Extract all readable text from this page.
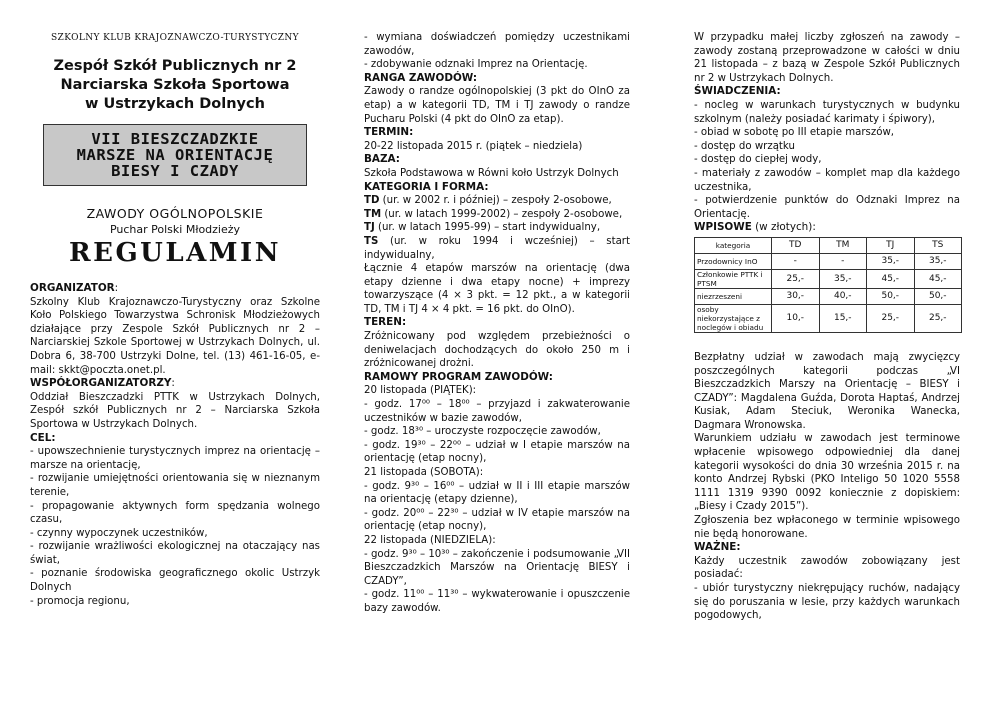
SZKOLNY KLUB KRAJOZNAWCZO-TURYSTYCZNY
Zespół Szkół Publicznych nr 2
Narciarska Szkoła Sportowa
w Ustrzykach Dolnych
VII BIESZCZADZKIE
MARSZE NA ORIENTACJĘ
BIESY I CZADY
ZAWODY OGÓLNOPOLSKIE
Puchar Polski Młodzieży
REGULAMIN

ORGANIZATOR:

Szkolny Klub Krajoznawczo-Turystyczny oraz Szkolne Koło Polskiego Towarzystwa Schronisk Młodzieżowych działające przy Zespole Szkół Publicznych nr 2 – Narciarskiej Szkole Sportowej w Ustrzykach Dolnych, ul. Dobra 6, 38-700 Ustrzyki Dolne, tel. (13) 461-16-05, e-mail: skkt@poczta.onet.pl.

WSPÓŁORGANIZATORZY:

Oddział Bieszczadzki PTTK w Ustrzykach Dolnych, Zespół szkół Publicznych nr 2 – Narciarska Szkoła Sportowa w Ustrzykach Dolnych.

CEL:

- upowszechnienie turystycznych imprez na orientację – marsze na orientację,

- rozwijanie umiejętności orientowania się w nieznanym terenie,

- propagowanie aktywnych form spędzania wolnego czasu,

- czynny wypoczynek uczestników,

- rozwijanie wrażliwości ekologicznej na otaczający nas świat,

- poznanie środowiska geograficznego okolic Ustrzyk Dolnych

- promocja regionu,

- wymiana doświadczeń pomiędzy uczestnikami zawodów,

- zdobywanie odznaki Imprez na Orientację.

RANGA ZAWODÓW:

Zawody o randze ogólnopolskiej (3 pkt do OInO za etap) a w kategorii TD, TM i TJ zawody o randze Pucharu Polski (4 pkt do OInO za etap).

TERMIN:

20-22 listopada 2015 r. (piątek – niedziela)

BAZA:

Szkoła Podstawowa w Równi koło Ustrzyk Dolnych

KATEGORIA I FORMA:

TD (ur. w 2002 r. i później) – zespoły 2-osobowe,

TM (ur. w latach 1999-2002) – zespoły 2-osobowe,

TJ (ur. w latach 1995-99) – start indywidualny,

TS (ur. w roku 1994 i wcześniej) – start indywidualny,

Łącznie 4 etapów marszów na orientację (dwa etapy dzienne i dwa etapy nocne) + imprezy towarzyszące (4 × 3 pkt. = 12 pkt., a w kategorii TD, TM i TJ 4 × 4 pkt. = 16 pkt. do OInO).

TEREN:

Zróżnicowany pod względem przebieżności o deniwelacjach dochodzących do około 250 m i zróżnicowanej drożni.

RAMOWY PROGRAM ZAWODÓW:

20 listopada (PIĄTEK):

- godz. 17⁰⁰ – 18⁰⁰ – przyjazd i zakwaterowanie uczestników w bazie zawodów,

- godz. 18³⁰ – uroczyste rozpoczęcie zawodów,

- godz. 19³⁰ – 22⁰⁰ – udział w I etapie marszów na orientację (etap nocny),

21 listopada (SOBOTA):

- godz. 9³⁰ – 16⁰⁰ – udział w II i III etapie marszów na orientację (etapy dzienne),

- godz. 20⁰⁰ – 22³⁰ – udział w IV etapie marszów na orientację (etap nocny),

22 listopada (NIEDZIELA):

- godz. 9³⁰ – 10³⁰ – zakończenie i podsumowanie „VII Bieszczadzkich Marszów na Orientację BIESY i CZADY”,

- godz. 11⁰⁰ – 11³⁰ – wykwaterowanie i opuszczenie bazy zawodów.

W przypadku małej liczby zgłoszeń na zawody – zawody zostaną przeprowadzone w całości w dniu 21 listopada – z bazą w Zespole Szkół Publicznych nr 2 w Ustrzykach Dolnych.

ŚWIADCZENIA:

- nocleg w warunkach turystycznych w budynku szkolnym (należy posiadać karimaty i śpiwory),

- obiad w sobotę po III etapie marszów,

- dostęp do wrzątku

- dostęp do ciepłej wody,

- materiały z zawodów – komplet map dla każdego uczestnika,

- potwierdzenie punktów do Odznaki Imprez na Orientację.

WPISOWE (w złotych):

kategoria	TD	TM	TJ	TS
Przodownicy InO	-	-	35,-	35,-
Członkowie PTTK i PTSM	25,-	35,-	45,-	45,-
niezrzeszeni	30,-	40,-	50,-	50,-
osoby niekorzystające z noclegów i obiadu	10,-	15,-	25,-	25,-

Bezpłatny udział w zawodach mają zwycięzcy poszczególnych kategorii podczas „VI Bieszczadzkich Marszy na Orientację – BIESY i CZADY”: Magdalena Guźda, Dorota Haptaś, Andrzej Kusiak, Adam Steciuk, Weronika Wanecka, Dagmara Wronowska.

Warunkiem udziału w zawodach jest terminowe wpłacenie wpisowego odpowiedniej dla danej kategorii wysokości do dnia 30 września 2015 r. na konto Andrzej Rybski (PKO Inteligo 50 1020 5558 1111 1319 9390 0092 koniecznie z dopiskiem: „Biesy i Czady 2015”).

Zgłoszenia bez wpłaconego w terminie wpisowego nie będą honorowane.

WAŻNE:

Każdy uczestnik zawodów zobowiązany jest posiadać:

- ubiór turystyczny niekrępujący ruchów, nadający się do poruszania w lesie, przy każdych warunkach pogodowych,
